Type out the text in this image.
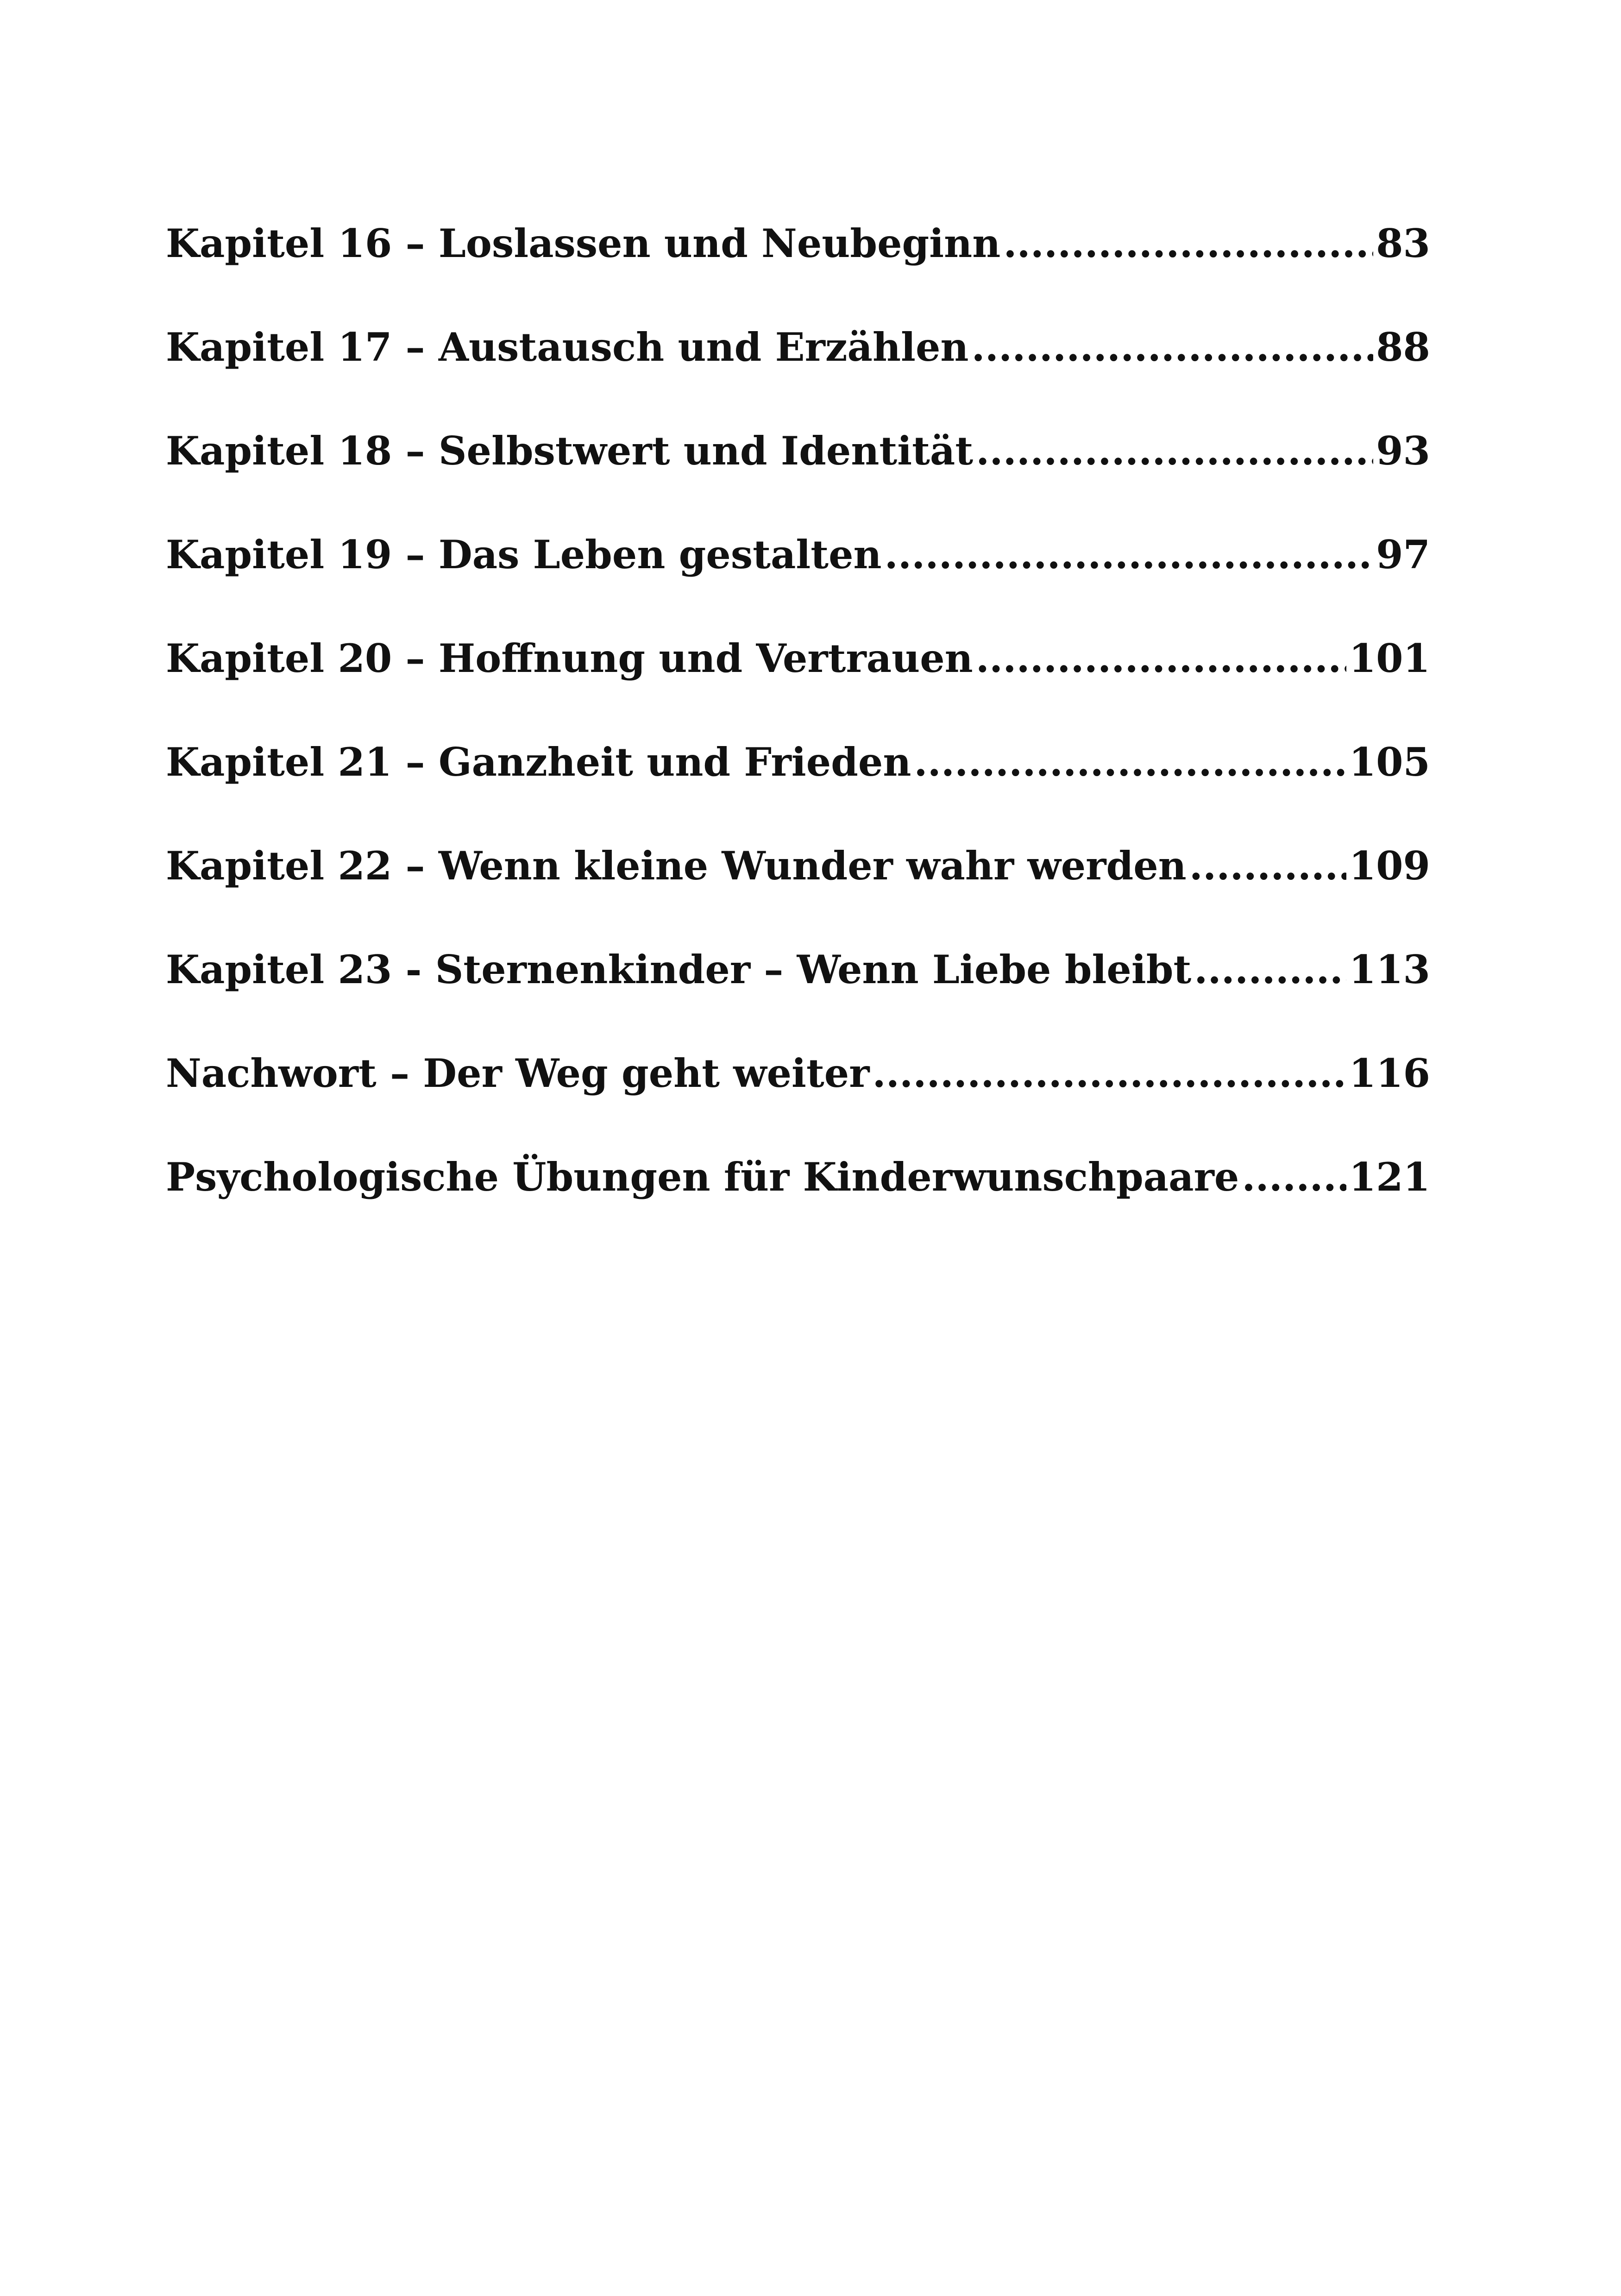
Kapitel 16 – Loslassen und Neubeginn .....	83
Kapitel 17 – Austausch und Erzählen .....	88
Kapitel 18 – Selbstwert und Identität .....	93
Kapitel 19 – Das Leben gestalten .....	97
Kapitel 20 – Hoffnung und Vertrauen .....	101
Kapitel 21 – Ganzheit und Frieden .....	105
Kapitel 22 – Wenn kleine Wunder wahr werden .....	109
Kapitel 23 - Sternenkinder – Wenn Liebe bleibt .....	113
Nachwort – Der Weg geht weiter .....	116
Psychologische Übungen für Kinderwunschpaare .....	121
